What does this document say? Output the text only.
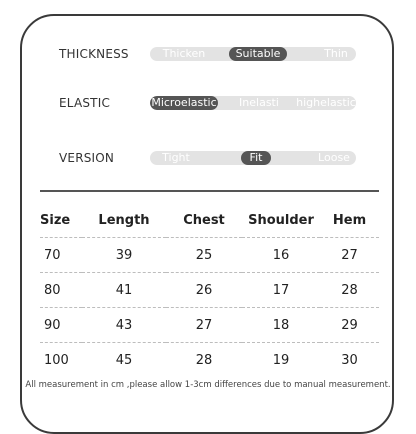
THICKNESS	Thicken	Suitable	Thin
ELASTIC	Microelastic	Inelasti	highelastic
VERSION	Tight	Fit	Loose
Size	Length	Chest	Shoulder	Hem
70	39	25	16	27
80	41	26	17	28
90	43	27	18	29
100	45	28	19	30
All measurement in cm ,please allow 1-3cm differences due to manual measurement.
